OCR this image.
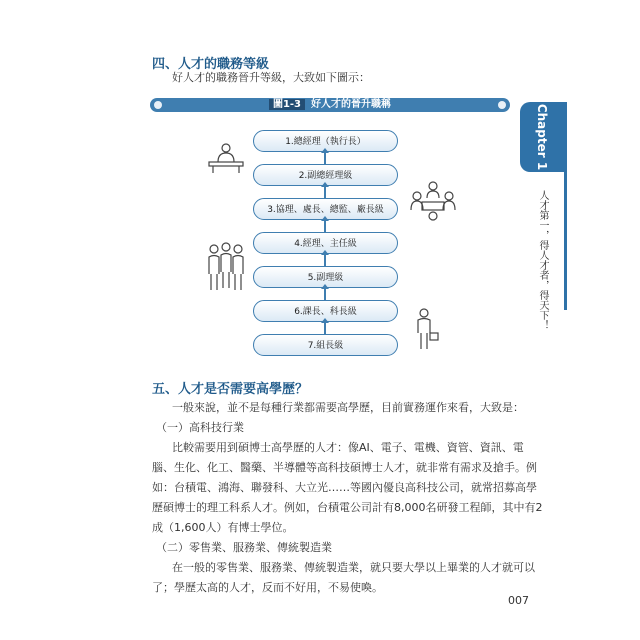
四、人才的職務等級
好人才的職務晉升等級，大致如下圖示：
圖1-3 好人才的晉升職稱
1.總經理（執行長）
2.副總經理級
3.協理、處長、總監、廠長級
4.經理、主任級
5.副理級
6.課長、科長級
7.組長級
Chapter 1
人才第一，得人才者，得天下！
五、人才是否需要高學歷？
一般來說，並不是每種行業都需要高學歷，目前實務運作來看，大致是：
（一）高科技行業
比較需要用到碩博士高學歷的人才：像AI、電子、電機、資管、資訊、電
腦、生化、化工、醫藥、半導體等高科技碩博士人才，就非常有需求及搶手。例
如：台積電、鴻海、聯發科、大立光……等國內優良高科技公司，就常招募高學
歷碩博士的理工科系人才。例如，台積電公司計有8,000名研發工程師，其中有2
成（1,600人）有博士學位。
（二）零售業、服務業、傳統製造業
在一般的零售業、服務業、傳統製造業，就只要大學以上畢業的人才就可以
了；學歷太高的人才，反而不好用，不易使喚。
007
